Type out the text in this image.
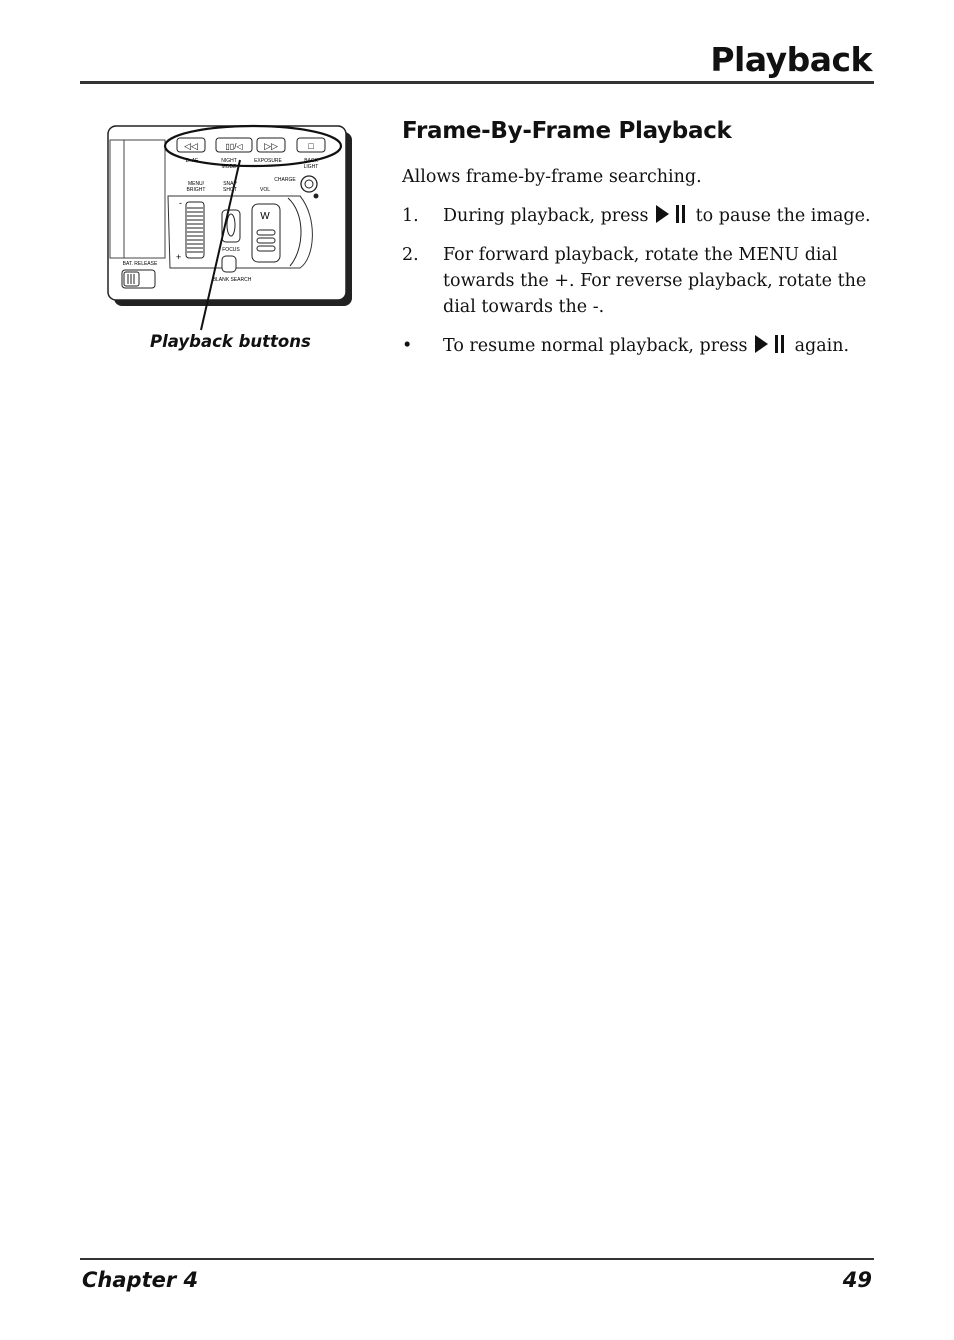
Playback
◁◁	▯▯/◁ ▷▷	□
D. AE	NIGHT
MODE
EXPOSURE	BACK
LIGHT
CHARGE
MENU/
BRIGHT
SNAP
SHOT	VOL
-
+
FOCUS
W
BLANK SEARCH
BAT. RELEASE
Playback buttons
Frame-By-Frame Playback

Allows frame-by-frame searching.

1.	During playback, press	to pause the image.
2.	For forward playback, rotate the MENU dial towards the +. For reverse playback, rotate the dial towards the -.
•	To resume normal playback, press	again.
Chapter 4	49
